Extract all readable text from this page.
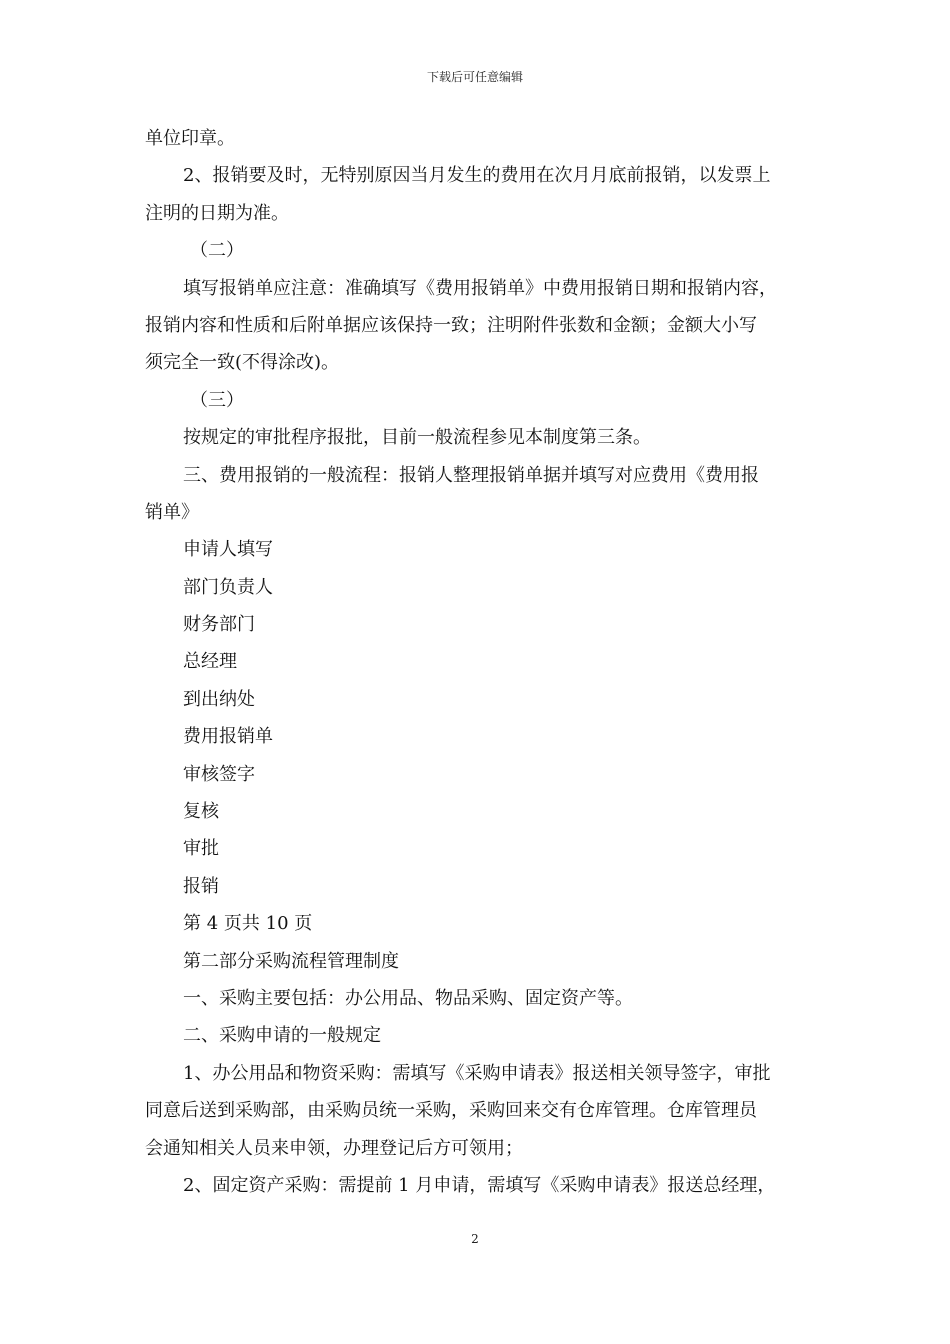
下载后可任意编辑
单位印章。
2、报销要及时，无特别原因当月发生的费用在次月月底前报销，以发票上
注明的日期为准。
（二）
填写报销单应注意：准确填写《费用报销单》中费用报销日期和报销内容，
报销内容和性质和后附单据应该保持一致；注明附件张数和金额；金额大小写
须完全一致(不得涂改)。
（三）
按规定的审批程序报批，目前一般流程参见本制度第三条。
三、费用报销的一般流程：报销人整理报销单据并填写对应费用《费用报
销单》
申请人填写
部门负责人
财务部门
总经理
到出纳处
费用报销单
审核签字
复核
审批
报销
第 4 页共 10 页
第二部分采购流程管理制度
一、采购主要包括：办公用品、物品采购、固定资产等。
二、采购申请的一般规定
1、办公用品和物资采购：需填写《采购申请表》报送相关领导签字，审批
同意后送到采购部，由采购员统一采购，采购回来交有仓库管理。仓库管理员
会通知相关人员来申领，办理登记后方可领用；
2、固定资产采购：需提前 1 月申请，需填写《采购申请表》报送总经理，
2
